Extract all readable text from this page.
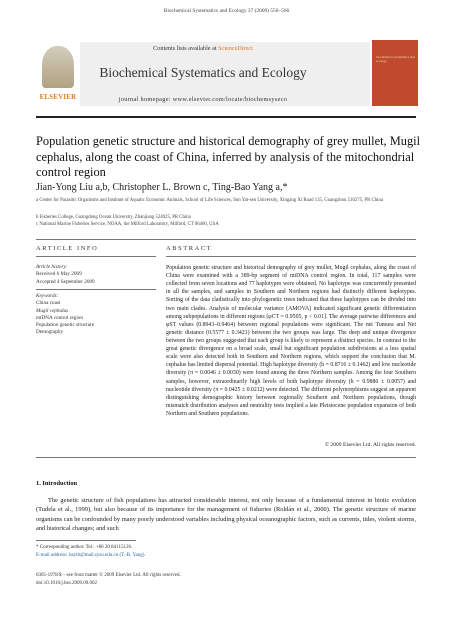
Biochemical Systematics and Ecology 37 (2009) 556–566
ELSEVIER
Contents lists available at ScienceDirect
Biochemical Systematics and Ecology
journal homepage: www.elsevier.com/locate/biochemsyseco
biochemical systematics and ecology
Population genetic structure and historical demography of grey mullet, Mugil cephalus, along the coast of China, inferred by analysis of the mitochondrial control region
Jian-Yong Liu a,b, Christopher L. Brown c, Ting-Bao Yang a,*
a Center for Parasitic Organisms and Institute of Aquatic Economic Animals, School of Life Sciences, Sun Yat-sen University, Xingang Xi Road 135, Guangzhou 510275, PR China
b Fisheries College, Guangdong Ocean University, Zhanjiang 524025, PR China
c National Marine Fisheries Service, NOAA, the Milford Laboratory, Milford, CT 06460, USA
ARTICLE INFO	ABSTRACT
Article history:
Received 6 May 2009
Accepted 4 September 2009
Keywords:
China coast
Mugil cephalus
mtDNA control region
Population genetic structure
Demography
Population genetic structure and historical demography of grey mullet, Mugil cephalus, along the coast of China were examined with a 389-bp segment of mtDNA control region. In total, 117 samples were collected from seven locations and 77 haplotypes were obtained. No haplotype was concurrently presented in all the samples, and samples in Southern and Northern regions had distinctly different haplotypes. Sorting of the data cladistically into phylogenetic trees indicated that these haplotypes can be divided into two main clades. Analysis of molecular variance (AMOVA) indicated significant genetic differentiation among subpopulations in different regions [φCT = 0.9505, p < 0.01]. The average pairwise differences and φST values (0.8943–0.9464) between regional populations were significant. The net Tumura and Nei genetic distance (0.5577 ± 0.3421) between the two groups was large. The deep and unique divergence between the two groups suggested that each group is likely to represent a distinct species. In contrast to the great genetic divergence on a broad scale, small but significant population subdivisions at a less spatial scale were also detected both in Southern and Northern regions, which support the conclusion that M. cephalus has limited dispersal potential. High haplotype diversity (h = 0.8716 ± 0.1462) and low nucleotide diversity (π = 0.0046 ± 0.0030) were found among the three Northern samples. Among the four Southern samples, however, extraordinarily high levels of both haplotype diversity (h = 0.9886 ± 0.0057) and nucleotide diversity (π = 0.0425 ± 0.0212) were detected. The different polymorphisms suggest an apparent distinguishing demographic history between regionally Southern and Northern populations, though mismatch distribution analyses and neutrality tests implied a late Pleistocene population expansion of both Northern and Southern populations.
© 2009 Elsevier Ltd. All rights reserved.
1. Introduction
The genetic structure of fish populations has attracted considerable interest, not only because of a fundamental interest in biotic evolution (Tudela et al., 1999), but also because of its importance for the management of fisheries (Roldán et al., 2000). The genetic structure of marine organisms can be confounded by many poorly understood variables including physical oceanographic factors, such as currents, tides, violent storms, and historical changes; and such
* Corresponding author. Tel.: +86 20 84115126.
E-mail address: lssytb@mail.sysu.edu.cn (T.-B. Yang).
0305-1978/$ – see front matter © 2009 Elsevier Ltd. All rights reserved.
doi:10.1016/j.bse.2009.09.002
